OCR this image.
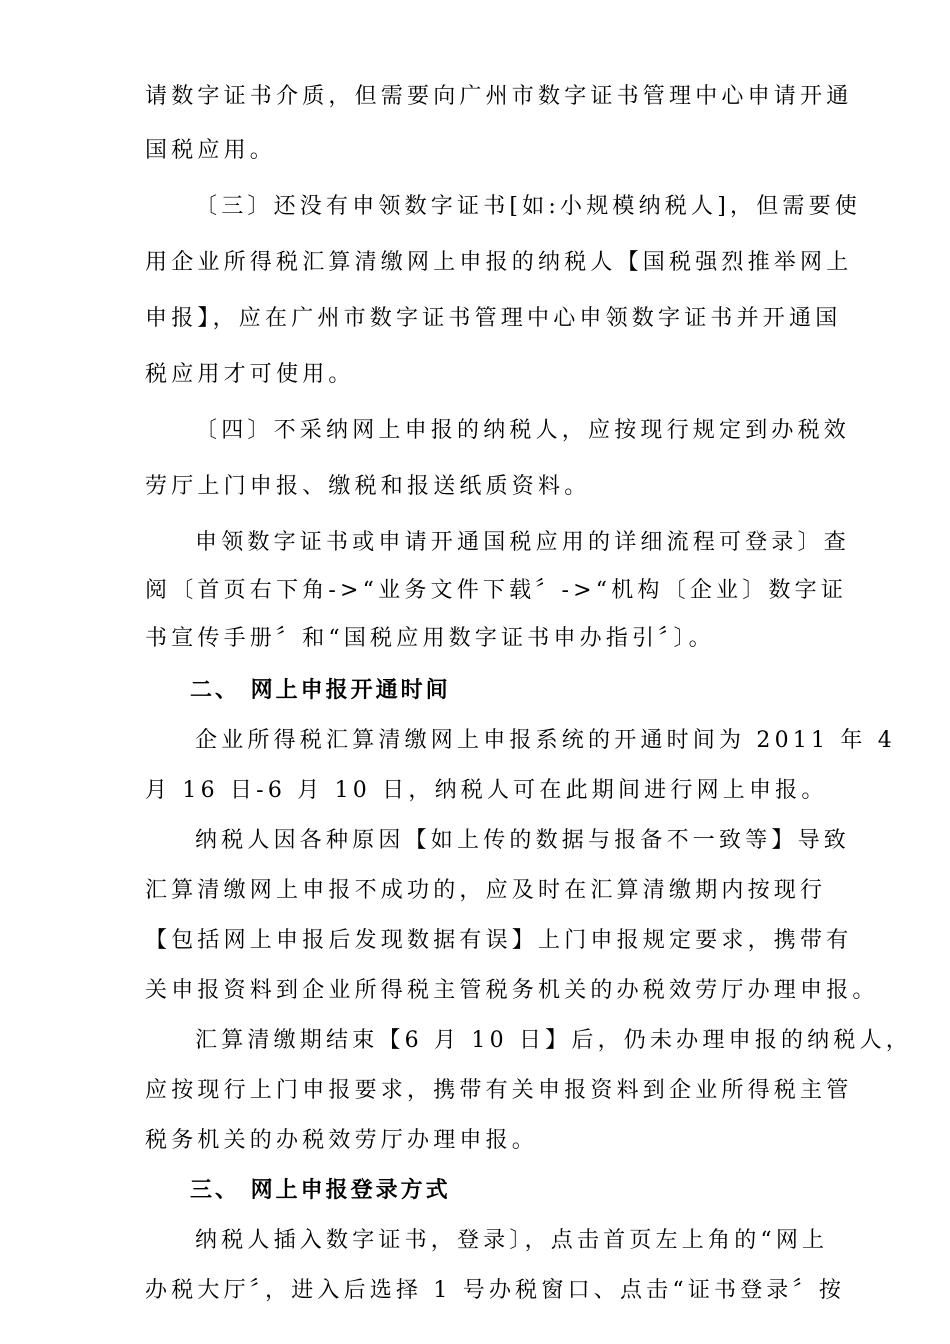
请数字证书介质，但需要向广州市数字证书管理中心申请开通
国税应用。
〔三〕还没有申领数字证书[如:小规模纳税人]，但需要使
用企业所得税汇算清缴网上申报的纳税人【国税强烈推举网上
申报】，应在广州市数字证书管理中心申领数字证书并开通国
税应用才可使用。
〔四〕不采纳网上申报的纳税人，应按现行规定到办税效
劳厅上门申报、缴税和报送纸质资料。
申领数字证书或申请开通国税应用的详细流程可登录〕查
阅〔首页右下角->“业务文件下载〞->“机构〔企业〕数字证
书宣传手册〞和“国税应用数字证书申办指引〞〕。
二、 网上申报开通时间
企业所得税汇算清缴网上申报系统的开通时间为 2011 年 4
月 16 日-6 月 10 日，纳税人可在此期间进行网上申报。
纳税人因各种原因【如上传的数据与报备不一致等】导致
汇算清缴网上申报不成功的，应及时在汇算清缴期内按现行
【包括网上申报后发现数据有误】上门申报规定要求，携带有
关申报资料到企业所得税主管税务机关的办税效劳厅办理申报。
汇算清缴期结束【6 月 10 日】后，仍未办理申报的纳税人，
应按现行上门申报要求，携带有关申报资料到企业所得税主管
税务机关的办税效劳厅办理申报。
三、 网上申报登录方式
纳税人插入数字证书，登录〕，点击首页左上角的“网上
办税大厅〞，进入后选择 1 号办税窗口、点击“证书登录〞按
